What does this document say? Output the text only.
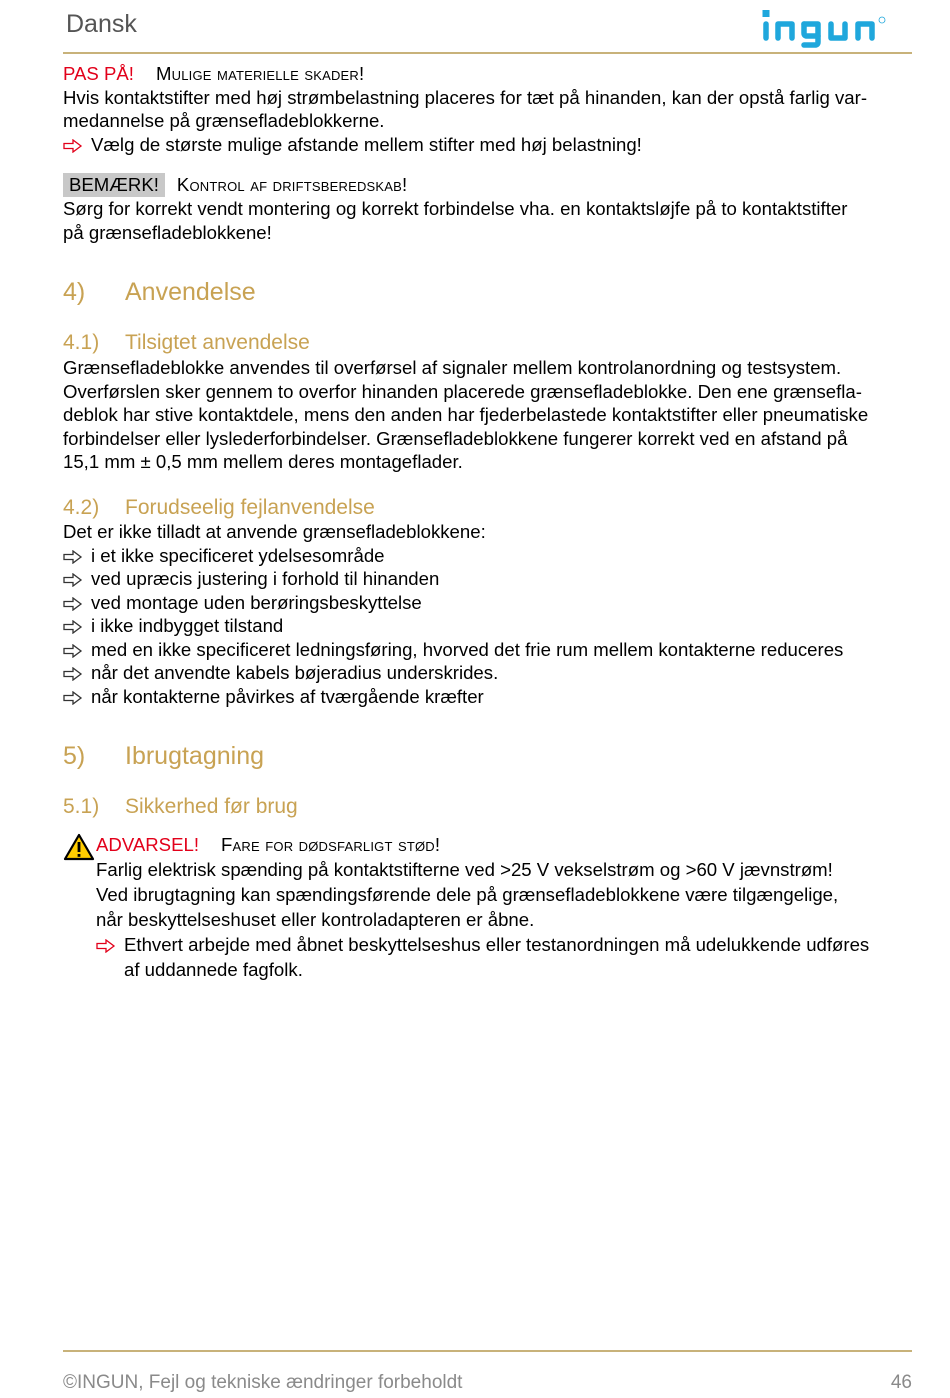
Dansk
PAS PÅ! Mulige materielle skader!
Hvis kontaktstifter med høj strømbelastning placeres for tæt på hinanden, kan der opstå farlig var-
medannelse på grænsefladeblokkerne.
Vælg de største mulige afstande mellem stifter med høj belastning!
BEMÆRK! Kontrol af driftsberedskab!
Sørg for korrekt vendt montering og korrekt forbindelse vha. en kontaktsløjfe på to kontaktstifter
på grænsefladeblokkene!
4) Anvendelse
4.1) Tilsigtet anvendelse
Grænsefladeblokke anvendes til overførsel af signaler mellem kontrolanordning og testsystem.
Overførslen sker gennem to overfor hinanden placerede grænsefladeblokke. Den ene grænsefla-
deblok har stive kontaktdele, mens den anden har fjederbelastede kontaktstifter eller pneumatiske
forbindelser eller lyslederforbindelser. Grænsefladeblokkene fungerer korrekt ved en afstand på
15,1 mm ± 0,5 mm mellem deres montageflader.
4.2) Forudseelig fejlanvendelse
Det er ikke tilladt at anvende grænsefladeblokkene:
i et ikke specificeret ydelsesområde
ved upræcis justering i forhold til hinanden
ved montage uden berøringsbeskyttelse
i ikke indbygget tilstand
med en ikke specificeret ledningsføring, hvorved det frie rum mellem kontakterne reduceres
når det anvendte kabels bøjeradius underskrides.
når kontakterne påvirkes af tværgående kræfter
5) Ibrugtagning
5.1) Sikkerhed før brug
ADVARSEL! Fare for dødsfarligt stød!
Farlig elektrisk spænding på kontaktstifterne ved >25 V vekselstrøm og >60 V jævnstrøm!
Ved ibrugtagning kan spændingsførende dele på grænsefladeblokkene være tilgængelige,
når beskyttelseshuset eller kontroladapteren er åbne.
Ethvert arbejde med åbnet beskyttelseshus eller testanordningen må udelukkende udføres
af uddannede fagfolk.
©INGUN, Fejl og tekniske ændringer forbeholdt	46
